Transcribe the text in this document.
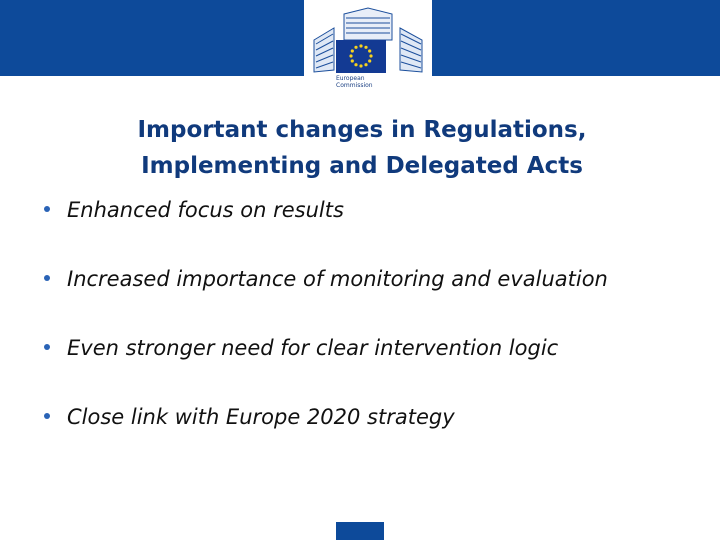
European Commission
Important changes in Regulations,
Implementing and Delegated Acts
Enhanced focus on results
Increased importance of monitoring and evaluation
Even stronger need for clear intervention logic
Close link with Europe 2020 strategy
